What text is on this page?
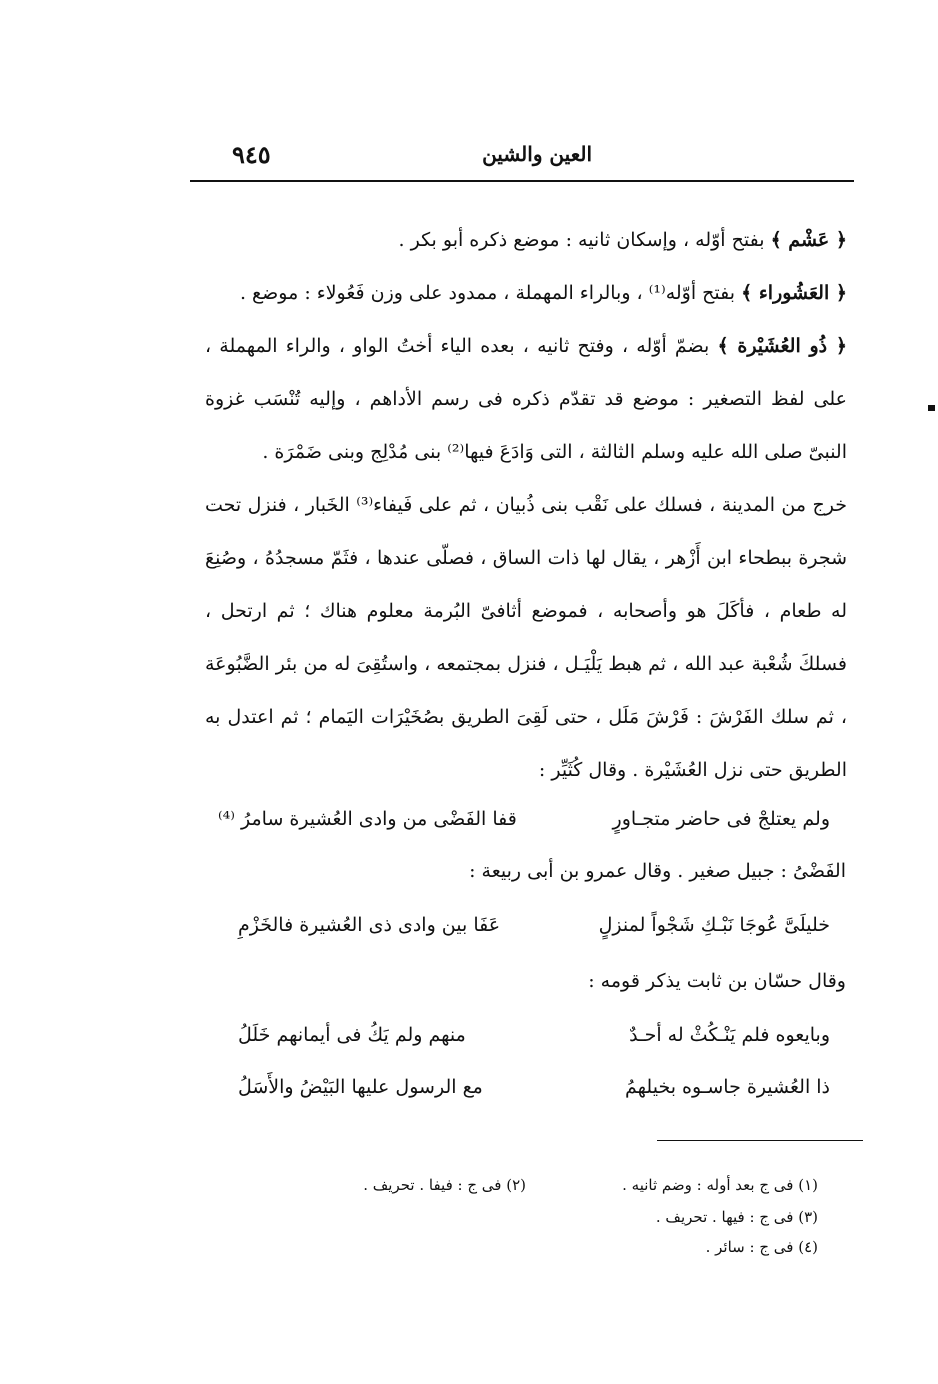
العين والشين
٩٤٥

﴿ عَشْم ﴾ بفتح أوّله ، وإسكان ثانيه : موضع ذكره أبو بكر .

﴿ العَشُوراء ﴾ بفتح أوّله⁽¹⁾ ، وبالراء المهملة ، ممدود على وزن فَعُولاء : موضع .

﴿ ذُو العُشَيْرة ﴾ بضمّ أوّله ، وفتح ثانيه ، بعده الياء أختُ الواو ، والراء المهملة ، على لفظ التصغير : موضع قد تقدّم ذكره فى رسم الأداهم ، وإليه تُنْسَب غزوة النبىّ صلى الله عليه وسلم الثالثة ، التى وَادَعَ فيها⁽²⁾ بنى مُدْلِج وبنى ضَمْرَة .

خرج من المدينة ، فسلك على نَقْب بنى ذُبيان ، ثم على فَيفاء⁽³⁾ الخَبار ، فنزل تحت شجرة ببطحاء ابن أَزْهر ، يقال لها ذات الساق ، فصلّى عندها ، فثَمّ مسجدُهُ ، وصُنِعَ له طعام ، فأكَلَ هو وأصحابه ، فموضع أثافىّ البُرمة معلوم هناك ؛ ثم ارتحل ، فسلكَ شُعْبة عبد الله ، ثم هبط يَلْيَـل ، فنزل بمجتمعه ، واستُقِىَ له من بئر الضَّبُوعَة ، ثم سلك الفَرْشَ : فَرْشَ مَلَل ، حتى لَقِىَ الطريق بصُخَيْرَات اليَمام ؛ ثم اعتدل به الطريق حتى نزل العُشَيْرة . وقال كُثَيِّر :

ولم يعتلجْ فى حاضر متجـاورٍ
قفا الفَضْى من وادى العُشيرة سامرُ ⁽⁴⁾
الفَضْىُ : جبيل صغير . وقال عمرو بن أبى ربيعة :
خليلَىَّ عُوجَا نَبْـكِ شَجْواً لمنزلٍ
عَفَا بين وادى ذى العُشيرة فالخَزْمِ
وقال حسّان بن ثابت يذكر قومه :
وبايعوه فلم يَنْـكُثْ له أحـدٌ
منهم ولم يَكُ فى أيمانهم خَلَلُ
ذا العُشيرة جاسـوه بخيلهمُ
مع الرسول عليها البَيْضُ والأَسَلُ
(١) فى ج بعد أوله : وضم ثانيه .
(٢) فى ج : فيفا . تحريف .
(٣) فى ج : فيها . تحريف .
(٤) فى ج : سائر .
